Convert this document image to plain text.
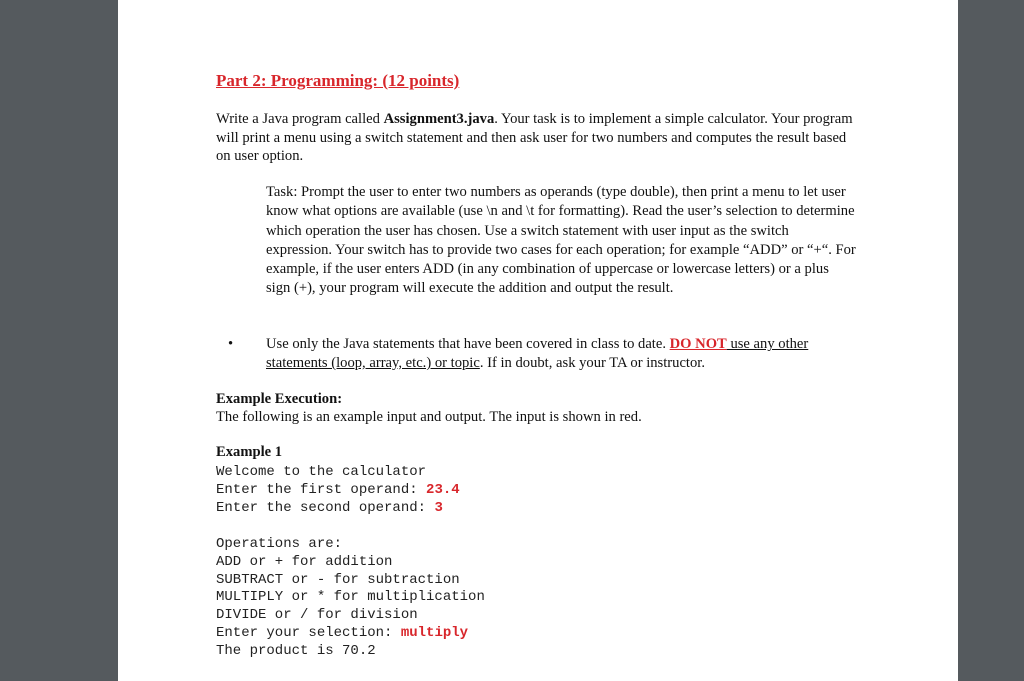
Part 2: Programming: (12 points)

Write a Java program called Assignment3.java. Your task is to implement a simple calculator. Your program will print a menu using a switch statement and then ask user for two numbers and computes the result based on user option.

Task: Prompt the user to enter two numbers as operands (type double), then print a menu to let user know what options are available (use \n and \t for formatting). Read the user’s selection to determine which operation the user has chosen. Use a switch statement with user input as the switch expression. Your switch has to provide two cases for each operation; for example “ADD” or “+“. For example, if the user enters ADD (in any combination of uppercase or lowercase letters) or a plus sign (+), your program will execute the addition and output the result.

• Use only the Java statements that have been covered in class to date. DO NOT use any other statements (loop, array, etc.) or topic. If in doubt, ask your TA or instructor.

Example Execution:

The following is an example input and output. The input is shown in red.

Example 1

Welcome to the calculator
Enter the first operand: 23.4
Enter the second operand: 3
Operations are:
ADD or + for addition
SUBTRACT or - for subtraction
MULTIPLY or * for multiplication
DIVIDE or / for division
Enter your selection: multiply
The product is 70.2
